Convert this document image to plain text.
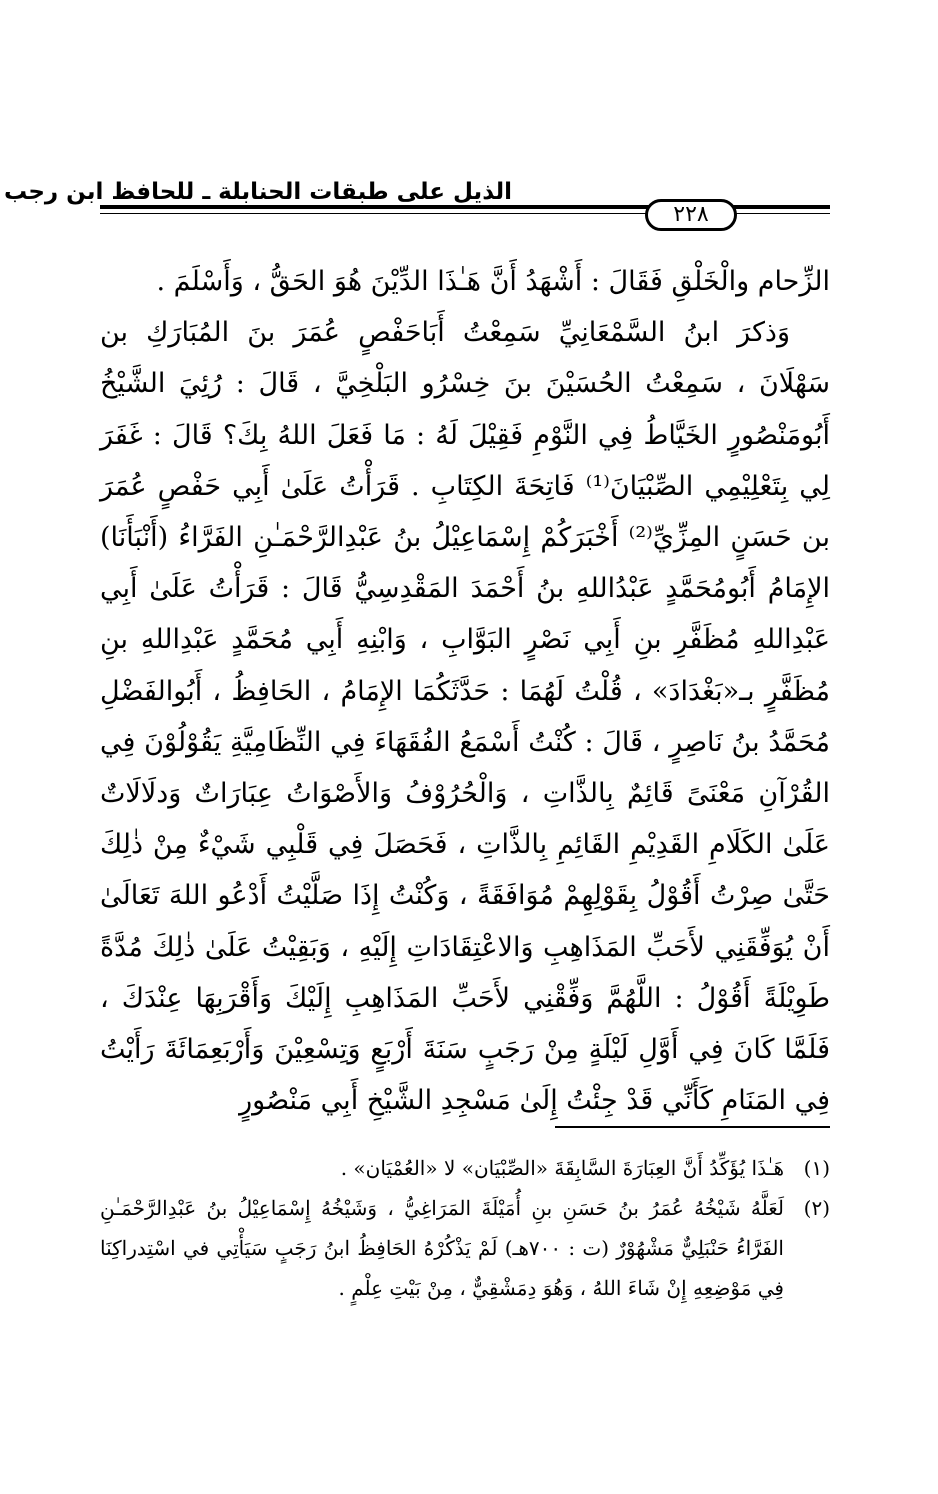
الذيل على طبقات الحنابلة ـ للحافظ ابن رجب
٢٢٨

الزِّحام والْخَلْقِ فَقَالَ : أَشْهَدُ أَنَّ هَـٰذَا الدِّيْنَ هُوَ الحَقُّ ، وَأَسْلَمَ .

وَذكرَ ابنُ السَّمْعَانِيِّ سَمِعْتُ أَبَاحَفْصٍ عُمَرَ بنَ المُبَارَكِ بن سَهْلَانَ ، سَمِعْتُ الحُسَيْنَ بنَ خِسْرُو البَلْخِيَّ ، قَالَ : رُئِيَ الشَّيْخُ أَبُومَنْصُورٍ الخَيَّاطُ فِي النَّوْمِ فَقِيْلَ لَهُ : مَا فَعَلَ اللهُ بِكَ؟ قَالَ : غَفَرَ لِي بِتَعْلِيْمِي الصِّبْيَانَ⁽¹⁾ فَاتِحَةَ الكِتَابِ . قَرَأْتُ عَلَىٰ أَبِي حَفْصٍ عُمَرَ بن حَسَنٍ المِزِّيِّ⁽²⁾ أَخْبَرَكُمْ إِسْمَاعِيْلُ بنُ عَبْدِالرَّحْمَـٰنِ الفَرَّاءُ (أَنْبَأَنَا) الإِمَامُ أَبُومُحَمَّدٍ عَبْدُاللهِ بنُ أَحْمَدَ المَقْدِسِيُّ قَالَ : قَرَأْتُ عَلَىٰ أَبِي عَبْدِاللهِ مُظَفَّرِ بنِ أَبِي نَصْرٍ البَوَّابِ ، وَابْنِهِ أَبِي مُحَمَّدٍ عَبْدِاللهِ بنِ مُظَفَّرٍ بـ«بَغْدَادَ» ، قُلْتُ لَهُمَا : حَدَّثَكُمَا الإِمَامُ ، الحَافِظُ ، أَبُوالفَضْلِ مُحَمَّدُ بنُ نَاصِرٍ ، قَالَ : كُنْتُ أَسْمَعُ الفُقَهَاءَ فِي النِّظَامِيَّةِ يَقُوْلُوْنَ فِي القُرْآنِ مَعْنَىً قَائِمٌ بِالذَّاتِ ، وَالْحُرُوْفُ وَالأَصْوَاتُ عِبَارَاتٌ وَدلَالَاتٌ عَلَىٰ الكَلَامِ القَدِيْمِ القَائِمِ بِالذَّاتِ ، فَحَصَلَ فِي قَلْبِي شَيْءٌ مِنْ ذٰلِكَ حَتَّىٰ صِرْتُ أَقُوْلُ بِقَوْلِهِمْ مُوَافَقَةً ، وَكُنْتُ إِذَا صَلَّيْتُ أَدْعُو اللهَ تَعَالَىٰ أَنْ يُوَفِّقَنِي لأَحَبِّ المَذَاهِبِ وَالاعْتِقَادَاتِ إِلَيْهِ ، وَبَقِيْتُ عَلَىٰ ذٰلِكَ مُدَّةً طَوِيْلَةً أَقُوْلُ : اللَّهُمَّ وَفِّقْنِي لأَحَبِّ المَذَاهِبِ إِلَيْكَ وَأَقْرَبِهَا عِنْدَكَ ، فَلَمَّا كَانَ فِي أَوَّلِ لَيْلَةٍ مِنْ رَجَبٍ سَنَةَ أَرْبَعٍ وَتِسْعِيْنَ وَأَرْبَعِمَائَةَ رَأَيْتُ فِي المَنَامِ كَأَنِّي قَدْ جِئْتُ إِلَىٰ مَسْجِدِ الشَّيْخِ أَبِي مَنْصُورٍ

(١)
هَـٰذَا يُؤَكِّدُ أَنَّ العِبَارَةَ السَّابِقَةَ «الصِّبْيَان» لا «العُمْيَان» .
(٢)
لَعَلَّهُ شَيْخُهُ عُمَرُ بنُ حَسَنِ بنِ أُمَيْلَةَ المَرَاغِيُّ ، وَشَيْخُهُ إِسْمَاعِيْلُ بنُ عَبْدِالرَّحْمَـٰنِ الفَرَّاءُ حَنْبَلِيٌّ مَشْهُوْرٌ (ت : ٧٠٠هـ) لَمْ يَذْكُرْهُ الحَافِظُ ابنُ رَجَبٍ سَيَأْتِي في اسْتِدراكِنَا فِي مَوْضِعِهِ إِنْ شَاءَ اللهُ ، وَهُوَ دِمَشْقِيٌّ ، مِنْ بَيْتِ عِلْمٍ .
